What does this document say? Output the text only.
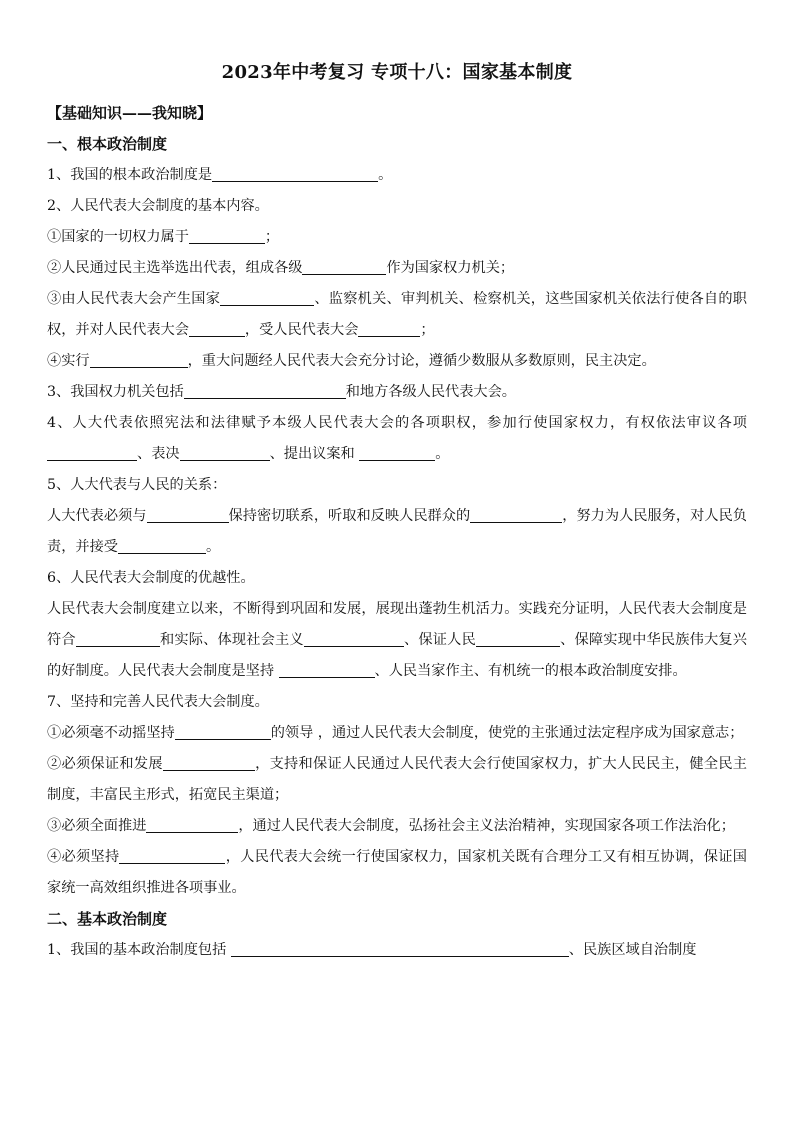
2023年中考复习 专项十八：国家基本制度
【基础知识——我知晓】
一、根本政治制度
1、我国的根本政治制度是	。
2、人民代表大会制度的基本内容。
①国家的一切权力属于	；
②人民通过民主选举选出代表，组成各级	作为国家权力机关；
③由人民代表大会产生国家	、监察机关、审判机关、检察机关，这些国家机关依法行使各自的职权，并对人民代表大会	，受人民代表大会	；
④实行	，重大问题经人民代表大会充分讨论，遵循少数服从多数原则，民主决定。
3、我国权力机关包括	和地方各级人民代表大会。
4、人大代表依照宪法和法律赋予本级人民代表大会的各项职权，参加行使国家权力，有权依法审议各项、表决	、提出议案和	。
5、人大代表与人民的关系：
人大代表必须与	保持密切联系，听取和反映人民群众的	，努力为人民服务，对人民负责，并接受	。
6、人民代表大会制度的优越性。
人民代表大会制度建立以来，不断得到巩固和发展，展现出蓬勃生机活力。实践充分证明，人民代表大会制度是符合	和实际、体现社会主义	、保证人民	、保障实现中华民族伟大复兴的好制度。人民代表大会制度是坚持	、人民当家作主、有机统一的根本政治制度安排。
7、坚持和完善人民代表大会制度。
①必须毫不动摇坚持	的领导 ，通过人民代表大会制度，使党的主张通过法定程序成为国家意志；
②必须保证和发展	，支持和保证人民通过人民代表大会行使国家权力，扩大人民民主，健全民主制度，丰富民主形式，拓宽民主渠道；
③必须全面推进	，通过人民代表大会制度，弘扬社会主义法治精神，实现国家各项工作法治化；
④必须坚持	，人民代表大会统一行使国家权力，国家机关既有合理分工又有相互协调，保证国家统一高效组织推进各项事业。
二、基本政治制度
1、我国的基本政治制度包括	、民族区域自治制度
